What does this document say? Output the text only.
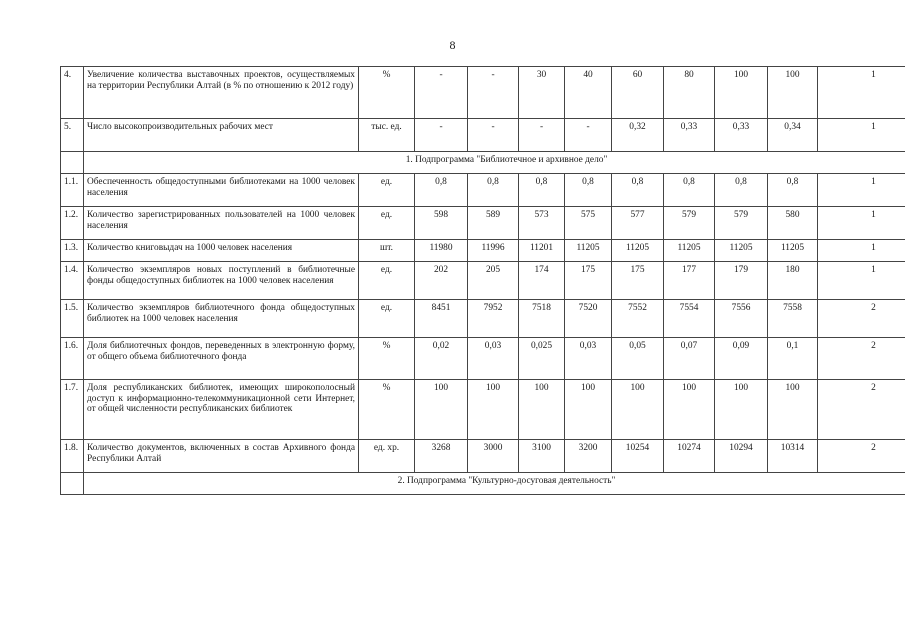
8
4.	Увеличение количества выставочных проектов, осуществляемых на территории Республики Алтай (в % по отношению к 2012 году)	%	-	-	30	40	60	80	100	100	1
5.	Число высокопроизводительных рабочих мест	тыс. ед.	-	-	-	-	0,32	0,33	0,33	0,34	1
	1. Подпрограмма "Библиотечное и архивное дело"										
1.1.	Обеспеченность общедоступными библиотеками на 1000 человек населения	ед.	0,8	0,8	0,8	0,8	0,8	0,8	0,8	0,8	1
1.2.	Количество зарегистрированных пользователей на 1000 человек населения	ед.	598	589	573	575	577	579	579	580	1
1.3.	Количество книговыдач на 1000 человек населения	шт.	11980	11996	11201	11205	11205	11205	11205	11205	1
1.4.	Количество экземпляров новых поступлений в библиотечные фонды общедоступных библиотек на 1000 человек населения	ед.	202	205	174	175	175	177	179	180	1
1.5.	Количество экземпляров библиотечного фонда общедоступных библиотек на 1000 человек населения	ед.	8451	7952	7518	7520	7552	7554	7556	7558	2
1.6.	Доля библиотечных фондов, переведенных в электронную форму, от общего объема библиотечного фонда	%	0,02	0,03	0,025	0,03	0,05	0,07	0,09	0,1	2
1.7.	Доля республиканских библиотек, имеющих широкополосный доступ к информационно-телекоммуникационной сети Интернет, от общей численности республиканских библиотек	%	100	100	100	100	100	100	100	100	2
1.8.	Количество документов, включенных в состав Архивного фонда Республики Алтай	ед. хр.	3268	3000	3100	3200	10254	10274	10294	10314	2
	2. Подпрограмма "Культурно-досуговая деятельность"										
